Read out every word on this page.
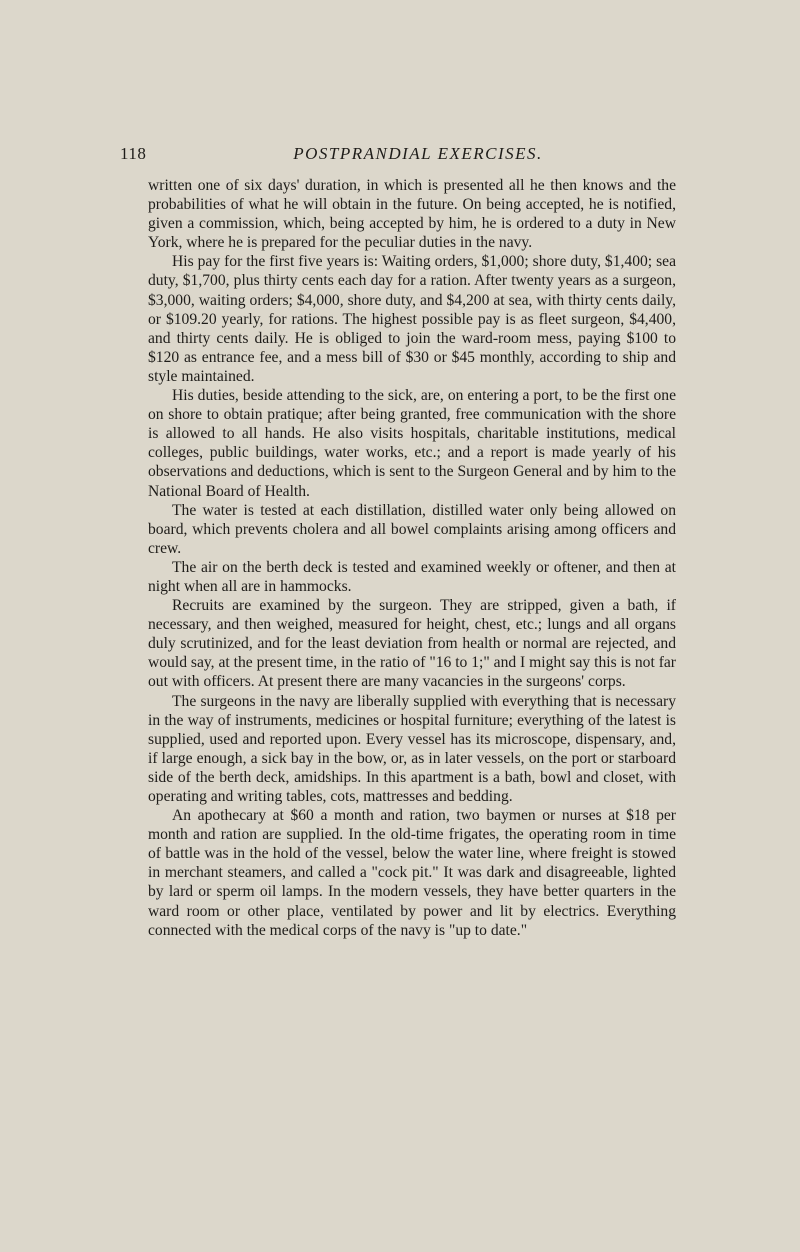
118	POSTPRANDIAL EXERCISES.

written one of six days' duration, in which is presented all he then knows and the probabilities of what he will obtain in the future. On being accepted, he is notified, given a commission, which, being accepted by him, he is ordered to a duty in New York, where he is prepared for the peculiar duties in the navy.

His pay for the first five years is: Waiting orders, $1,000; shore duty, $1,400; sea duty, $1,700, plus thirty cents each day for a ration. After twenty years as a surgeon, $3,000, waiting orders; $4,000, shore duty, and $4,200 at sea, with thirty cents daily, or $109.20 yearly, for rations. The highest possible pay is as fleet surgeon, $4,400, and thirty cents daily. He is obliged to join the ward-room mess, paying $100 to $120 as entrance fee, and a mess bill of $30 or $45 monthly, according to ship and style maintained.

His duties, beside attending to the sick, are, on entering a port, to be the first one on shore to obtain pratique; after being granted, free communication with the shore is allowed to all hands. He also visits hospitals, charitable institutions, medical colleges, public buildings, water works, etc.; and a report is made yearly of his observations and deductions, which is sent to the Surgeon General and by him to the National Board of Health.

The water is tested at each distillation, distilled water only being allowed on board, which prevents cholera and all bowel complaints arising among officers and crew.

The air on the berth deck is tested and examined weekly or oftener, and then at night when all are in hammocks.

Recruits are examined by the surgeon. They are stripped, given a bath, if necessary, and then weighed, measured for height, chest, etc.; lungs and all organs duly scrutinized, and for the least deviation from health or normal are rejected, and would say, at the present time, in the ratio of "16 to 1;" and I might say this is not far out with officers. At present there are many vacancies in the surgeons' corps.

The surgeons in the navy are liberally supplied with everything that is necessary in the way of instruments, medicines or hospital furniture; everything of the latest is supplied, used and reported upon. Every vessel has its microscope, dispensary, and, if large enough, a sick bay in the bow, or, as in later vessels, on the port or starboard side of the berth deck, amidships. In this apartment is a bath, bowl and closet, with operating and writing tables, cots, mattresses and bedding.

An apothecary at $60 a month and ration, two baymen or nurses at $18 per month and ration are supplied. In the old-time frigates, the operating room in time of battle was in the hold of the vessel, below the water line, where freight is stowed in merchant steamers, and called a "cock pit." It was dark and disagreeable, lighted by lard or sperm oil lamps. In the modern vessels, they have better quarters in the ward room or other place, ventilated by power and lit by electrics. Everything connected with the medical corps of the navy is "up to date."
